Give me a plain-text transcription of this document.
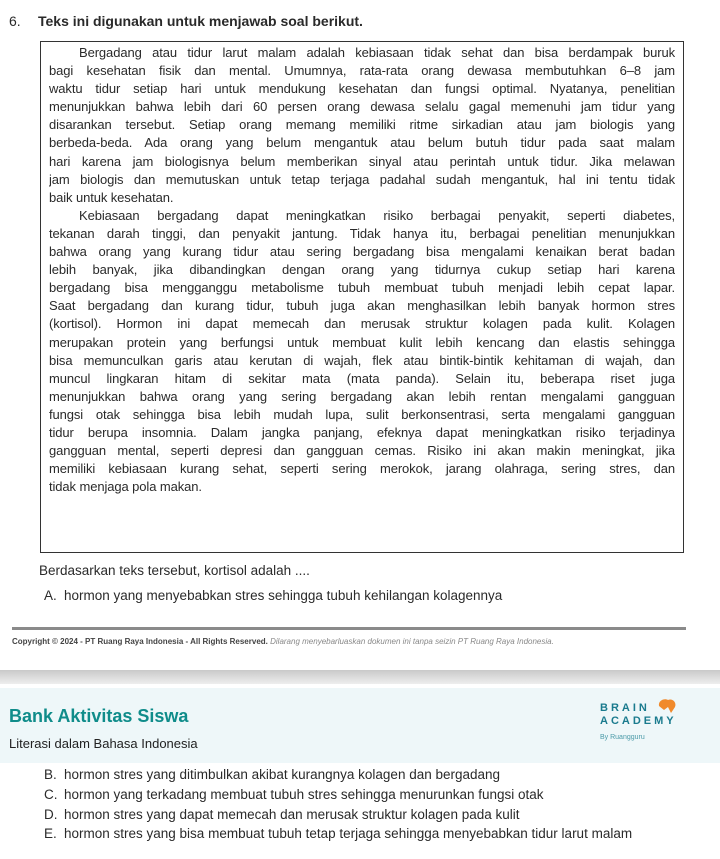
6. Teks ini digunakan untuk menjawab soal berikut.
Bergadang atau tidur larut malam adalah kebiasaan tidak sehat dan bisa berdampak buruk
bagi kesehatan fisik dan mental. Umumnya, rata-rata orang dewasa membutuhkan 6–8 jam
waktu tidur setiap hari untuk mendukung kesehatan dan fungsi optimal. Nyatanya, penelitian
menunjukkan bahwa lebih dari 60 persen orang dewasa selalu gagal memenuhi jam tidur yang
disarankan tersebut. Setiap orang memang memiliki ritme sirkadian atau jam biologis yang
berbeda-beda. Ada orang yang belum mengantuk atau belum butuh tidur pada saat malam
hari karena jam biologisnya belum memberikan sinyal atau perintah untuk tidur. Jika melawan
jam biologis dan memutuskan untuk tetap terjaga padahal sudah mengantuk, hal ini tentu tidak
baik untuk kesehatan.
Kebiasaan bergadang dapat meningkatkan risiko berbagai penyakit, seperti diabetes,
tekanan darah tinggi, dan penyakit jantung. Tidak hanya itu, berbagai penelitian menunjukkan
bahwa orang yang kurang tidur atau sering bergadang bisa mengalami kenaikan berat badan
lebih banyak, jika dibandingkan dengan orang yang tidurnya cukup setiap hari karena
bergadang bisa mengganggu metabolisme tubuh membuat tubuh menjadi lebih cepat lapar.
Saat bergadang dan kurang tidur, tubuh juga akan menghasilkan lebih banyak hormon stres
(kortisol). Hormon ini dapat memecah dan merusak struktur kolagen pada kulit. Kolagen
merupakan protein yang berfungsi untuk membuat kulit lebih kencang dan elastis sehingga
bisa memunculkan garis atau kerutan di wajah, flek atau bintik-bintik kehitaman di wajah, dan
muncul lingkaran hitam di sekitar mata (mata panda). Selain itu, beberapa riset juga
menunjukkan bahwa orang yang sering bergadang akan lebih rentan mengalami gangguan
fungsi otak sehingga bisa lebih mudah lupa, sulit berkonsentrasi, serta mengalami gangguan
tidur berupa insomnia. Dalam jangka panjang, efeknya dapat meningkatkan risiko terjadinya
gangguan mental, seperti depresi dan gangguan cemas. Risiko ini akan makin meningkat, jika
memiliki kebiasaan kurang sehat, seperti sering merokok, jarang olahraga, sering stres, dan
tidak menjaga pola makan.
Berdasarkan teks tersebut, kortisol adalah ....
A. hormon yang menyebabkan stres sehingga tubuh kehilangan kolagennya
Copyright © 2024 - PT Ruang Raya Indonesia - All Rights Reserved. Dilarang menyebarluaskan dokumen ini tanpa seizin PT Ruang Raya Indonesia.
Bank Aktivitas Siswa
Literasi dalam Bahasa Indonesia
BRAIN
ACADEMY
By Ruangguru
B. hormon stres yang ditimbulkan akibat kurangnya kolagen dan bergadang
C. hormon yang terkadang membuat tubuh stres sehingga menurunkan fungsi otak
D. hormon stres yang dapat memecah dan merusak struktur kolagen pada kulit
E. hormon stres yang bisa membuat tubuh tetap terjaga sehingga menyebabkan tidur larut malam
